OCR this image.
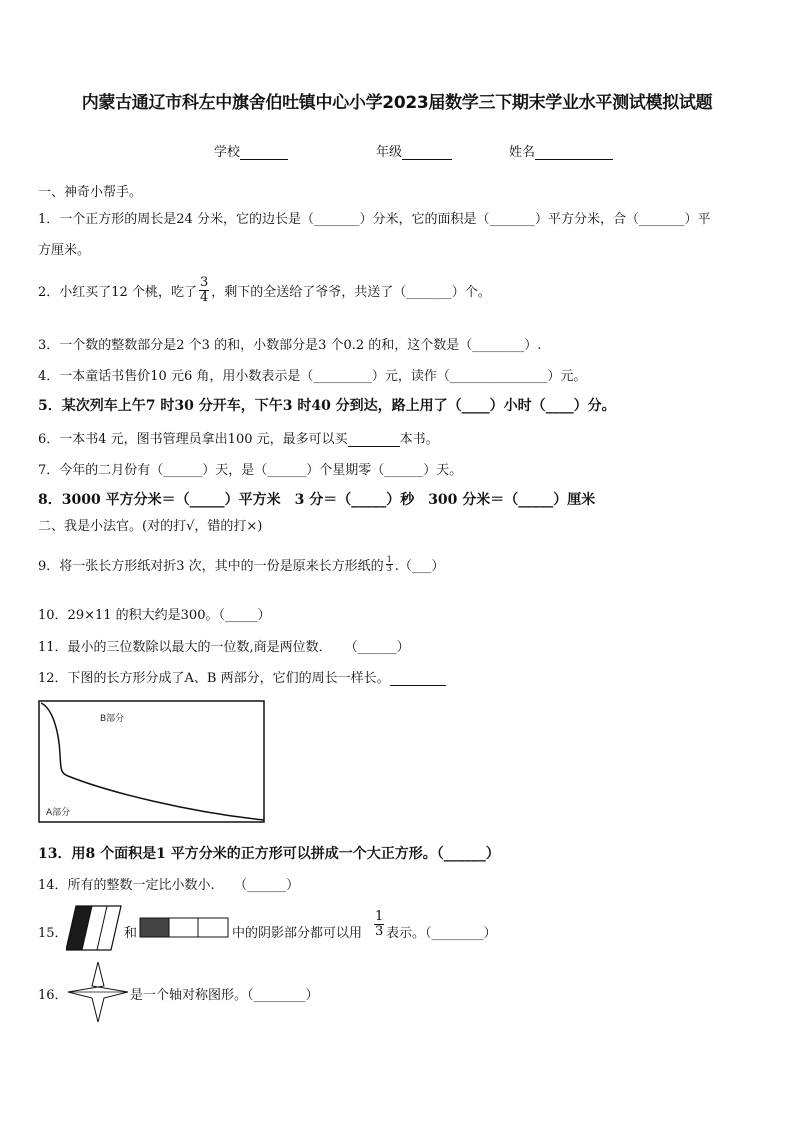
内蒙古通辽市科左中旗舍伯吐镇中心小学2023届数学三下期末学业水平测试模拟试题
学校	年级	姓名
一、神奇小帮手。
1．一个正方形的周长是24 分米，它的边长是（_______）分米，它的面积是（_______）平方分米，合（_______）平
方厘米。
2．小红买了12 个桃，吃了 $\frac{3}{4}$ ，剩下的全送给了爷爷，共送了（_______）个。
3．一个数的整数部分是2 个3 的和，小数部分是3 个0.2 的和，这个数是（________）.
4．一本童话书售价10 元6 角，用小数表示是（_________）元，读作（_______________）元。
5．某次列车上午7 时30 分开车，下午3 时40 分到达，路上用了（____）小时（____）分。
6．一本书4 元，图书管理员拿出100 元，最多可以买	本书。
7．今年的二月份有（______）天，是（______）个星期零（______）天。
8．3000 平方分米＝（_____）平方米　3 分＝（_____）秒　300 分米＝（_____）厘米
二、我是小法官。(对的打√，错的打×)
9．将一张长方形纸对折3 次，其中的一份是原来长方形纸的 $\frac{1}{3}$ .（___）
10．29×11 的积大约是300。（_____）
11．最小的三位数除以最大的一位数,商是两位数．　　（______）
12．下图的长方形分成了A、B 两部分，它们的周长一样长。
B部分
A部分
13．用8 个面积是1 平方分米的正方形可以拼成一个大正方形。（______）
14．所有的整数一定比小数小.　　（______）
15．	和	中的阴影部分都可以用 $\frac{1}{3}$ 表示。（________）
16．	是一个轴对称图形。（________）
